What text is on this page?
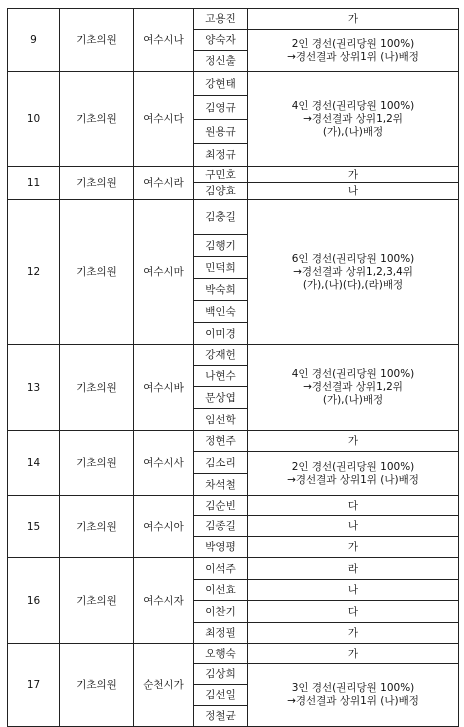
9	기초의원	여수시나	고용진	가
			양숙자	2인 경선(권리당원 100%)
→경선결과 상위1위 (나)배정
			정신출	
10	기초의원	여수시다	강현태	4인 경선(권리당원 100%)
→경선결과 상위1,2위
(가),(나)배정
			김영규	
			원용규	
			최정규	
11	기초의원	여수시라	구민호	가
			김양효	나
12	기초의원	여수시마	김충길	6인 경선(권리당원 100%)
→경선결과 상위1,2,3,4위
(가),(나)(다),(라)배정
			김행기	
			민덕희	
			박숙희	
			백인숙	
			이미경	
13	기초의원	여수시바	강재헌	4인 경선(권리당원 100%)
→경선결과 상위1,2위
(가),(나)배정
			나현수	
			문상엽	
			임선학	
14	기초의원	여수시사	정현주	가
			김소리	2인 경선(권리당원 100%)
→경선결과 상위1위 (나)배정
			차석철	
15	기초의원	여수시아	김순빈	다
			김종길	나
			박영평	가
16	기초의원	여수시자	이석주	라
			이선효	나
			이찬기	다
			최정필	가
17	기초의원	순천시가	오행숙	가
			김상희	3인 경선(권리당원 100%)
→경선결과 상위1위 (나)배정
			김선일	
			정철균	
